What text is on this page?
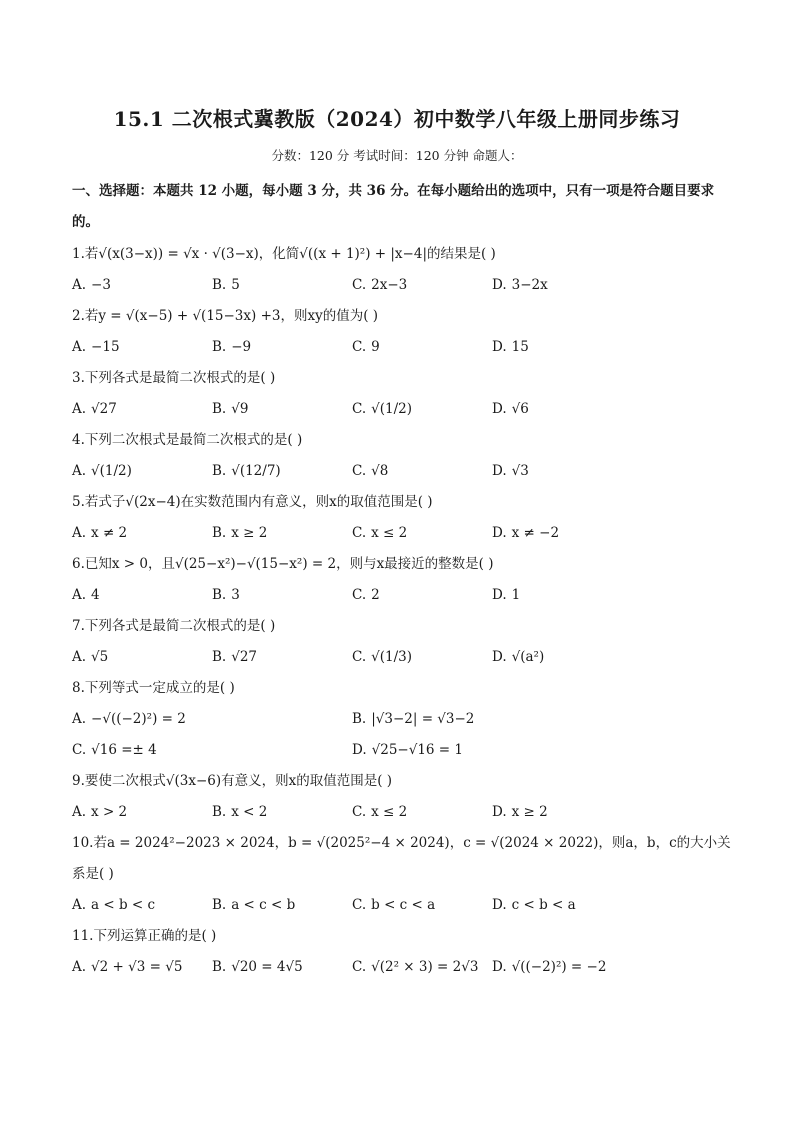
15.1 二次根式冀教版（2024）初中数学八年级上册同步练习
分数：120 分 考试时间：120 分钟 命题人：
一、选择题：本题共 12 小题，每小题 3 分，共 36 分。在每小题给出的选项中，只有一项是符合题目要求的。
1.若√(x(3−x)) = √x · √(3−x)，化简√((x + 1)²) + |x−4|的结果是( )
A. −3	B. 5	C. 2x−3	D. 3−2x
2.若y = √(x−5) + √(15−3x) +3，则xy的值为( )
A. −15	B. −9	C. 9	D. 15
3.下列各式是最简二次根式的是( )
A. √27	B. √9	C. √(1/2)	D. √6
4.下列二次根式是最简二次根式的是( )
A. √(1/2)	B. √(12/7)	C. √8	D. √3
5.若式子√(2x−4)在实数范围内有意义，则x的取值范围是( )
A. x ≠ 2	B. x ≥ 2	C. x ≤ 2	D. x ≠ −2
6.已知x > 0，且√(25−x²)−√(15−x²) = 2，则与x最接近的整数是( )
A. 4	B. 3	C. 2	D. 1
7.下列各式是最简二次根式的是( )
A. √5	B. √27	C. √(1/3)	D. √(a²)
8.下列等式一定成立的是( )
A. −√((−2)²) = 2	B. |√3−2| = √3−2
C. √16 =± 4	D. √25−√16 = 1
9.要使二次根式√(3x−6)有意义，则x的取值范围是( )
A. x > 2	B. x < 2	C. x ≤ 2	D. x ≥ 2
10.若a = 2024²−2023 × 2024，b = √(2025²−4 × 2024)，c = √(2024 × 2022)，则a，b，c的大小关系是( )
A. a < b < c	B. a < c < b	C. b < c < a	D. c < b < a
11.下列运算正确的是( )
A. √2 + √3 = √5	B. √20 = 4√5	C. √(2² × 3) = 2√3	D. √((−2)²) = −2
